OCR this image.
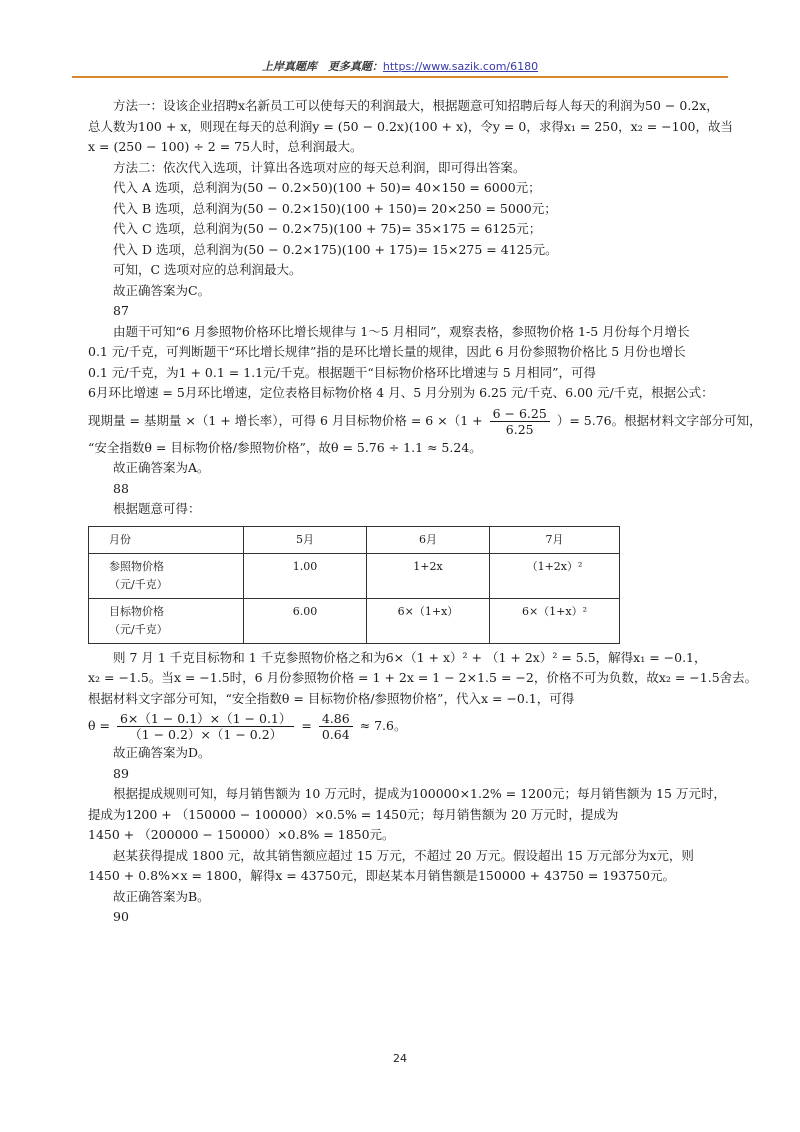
上岸真题库　更多真题：https://www.sazik.com/6180

方法一：设该企业招聘x名新员工可以使每天的利润最大，根据题意可知招聘后每人每天的利润为50 − 0.2x，

总人数为100 + x，则现在每天的总利润y = (50 − 0.2x)(100 + x)，令y = 0，求得x₁ = 250，x₂ = −100，故当

x = (250 − 100) ÷ 2 = 75人时，总利润最大。

方法二：依次代入选项，计算出各选项对应的每天总利润，即可得出答案。

代入 A 选项，总利润为(50 − 0.2×50)(100 + 50)= 40×150 = 6000元；

代入 B 选项，总利润为(50 − 0.2×150)(100 + 150)= 20×250 = 5000元；

代入 C 选项，总利润为(50 − 0.2×75)(100 + 75)= 35×175 = 6125元；

代入 D 选项，总利润为(50 − 0.2×175)(100 + 175)= 15×275 = 4125元。

可知，C 选项对应的总利润最大。

故正确答案为C。

87

由题干可知“6 月参照物价格环比增长规律与 1～5 月相同”，观察表格，参照物价格 1-5 月份每个月增长

0.1 元/千克，可判断题干“环比增长规律”指的是环比增长量的规律，因此 6 月份参照物价格比 5 月份也增长

0.1 元/千克，为1 + 0.1 = 1.1元/千克。根据题干“目标物价格环比增速与 5 月相同”，可得

6月环比增速 = 5月环比增速，定位表格目标物价格 4 月、5 月分别为 6.25 元/千克、6.00 元/千克，根据公式：

现期量 = 基期量 ×（1 + 增长率），可得 6 月目标物价格 = $6 \times(1 + \frac{6 - 6.25}{6.25}$ ）= 5.76。根据材料文字部分可知，

“安全指数θ = 目标物价格/参照物价格”，故θ = 5.76 ÷ 1.1 ≈ 5.24。

故正确答案为A。

88

根据题意可得：

月份	5月	6月	7月

参照物价格
（元/千克）	1.00	1+2x	（1+2x）²

目标物价格
（元/千克）	6.00	6×（1+x）	6×（1+x）²

则 7 月 1 千克目标物和 1 千克参照物价格之和为6×（1 + x）² + （1 + 2x）² = 5.5，解得x₁ = −0.1，

x₂ = −1.5。当x = −1.5时，6 月份参照物价格 = 1 + 2x = 1 − 2×1.5 = −2，价格不可为负数，故x₂ = −1.5舍去。

根据材料文字部分可知，“安全指数θ = 目标物价格/参照物价格”，代入x = −0.1，可得

$\theta = \frac{6\times(1 - 0.1)\times(1 - 0.1)}{(1 - 0.2)\times(1 - 0.2)} = \frac{4.86}{0.64} \approx 7.6$。

故正确答案为D。

89

根据提成规则可知，每月销售额为 10 万元时，提成为100000×1.2% = 1200元；每月销售额为 15 万元时，

提成为1200 + （150000 − 100000）×0.5% = 1450元；每月销售额为 20 万元时，提成为

1450 + （200000 − 150000）×0.8% = 1850元。

赵某获得提成 1800 元，故其销售额应超过 15 万元，不超过 20 万元。假设超出 15 万元部分为x元，则

1450 + 0.8%×x = 1800，解得x = 43750元，即赵某本月销售额是150000 + 43750 = 193750元。

故正确答案为B。

90

24
